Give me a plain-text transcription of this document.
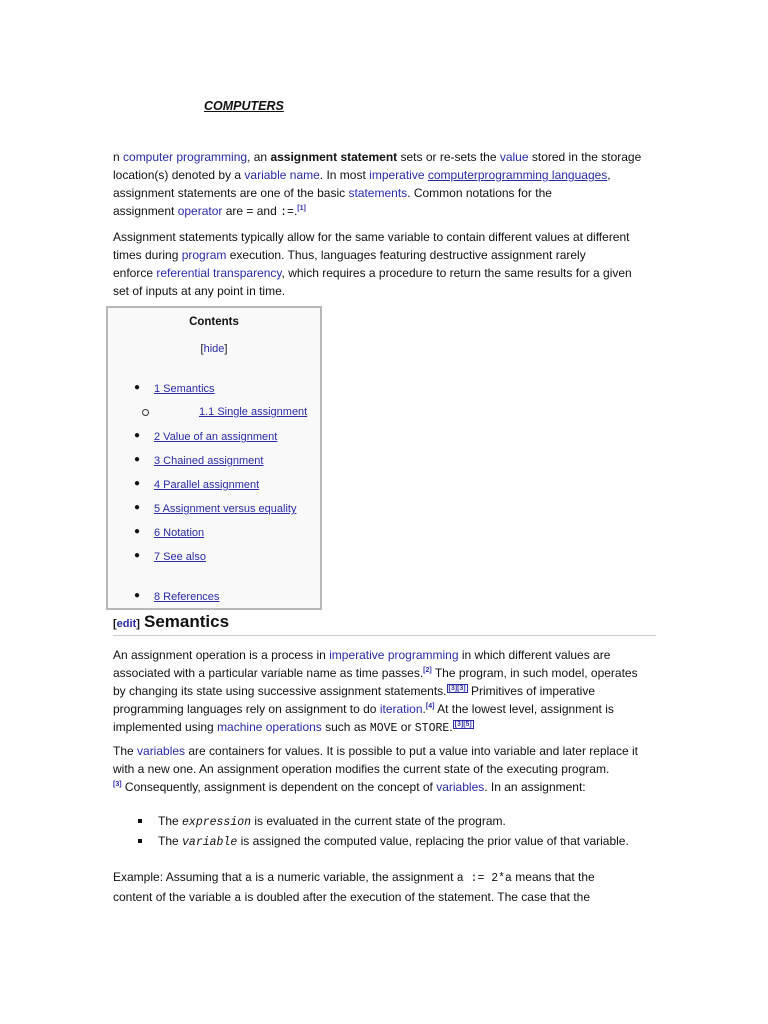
COMPUTERS
n computer programming, an assignment statement sets or re-sets the value stored in the storage
location(s) denoted by a variable name. In most imperative computerprogramming languages,
assignment statements are one of the basic statements. Common notations for the
assignment operator are = and :=.[1]
Assignment statements typically allow for the same variable to contain different values at different
times during program execution. Thus, languages featuring destructive assignment rarely
enforce referential transparency, which requires a procedure to return the same results for a given
set of inputs at any point in time.
Contents
[hide]
● 1 Semantics
1.1 Single assignment
● 2 Value of an assignment
● 3 Chained assignment
● 4 Parallel assignment
● 5 Assignment versus equality
● 6 Notation
● 7 See also
● 8 References
[edit] Semantics
An assignment operation is a process in imperative programming in which different values are
associated with a particular variable name as time passes.[2] The program, in such model, operates
by changing its state using successive assignment statements. [3][3] Primitives of imperative
programming languages rely on assignment to do iteration.[4] At the lowest level, assignment is
implemented using machine operations such as MOVE or STORE. [3][5]
The variables are containers for values. It is possible to put a value into variable and later replace it
with a new one. An assignment operation modifies the current state of the executing program.
[3] Consequently, assignment is dependent on the concept of variables. In an assignment:
The expression is evaluated in the current state of the program.
The variable is assigned the computed value, replacing the prior value of that variable.
Example: Assuming that a is a numeric variable, the assignment a := 2*a means that the
content of the variable a is doubled after the execution of the statement. The case that the
